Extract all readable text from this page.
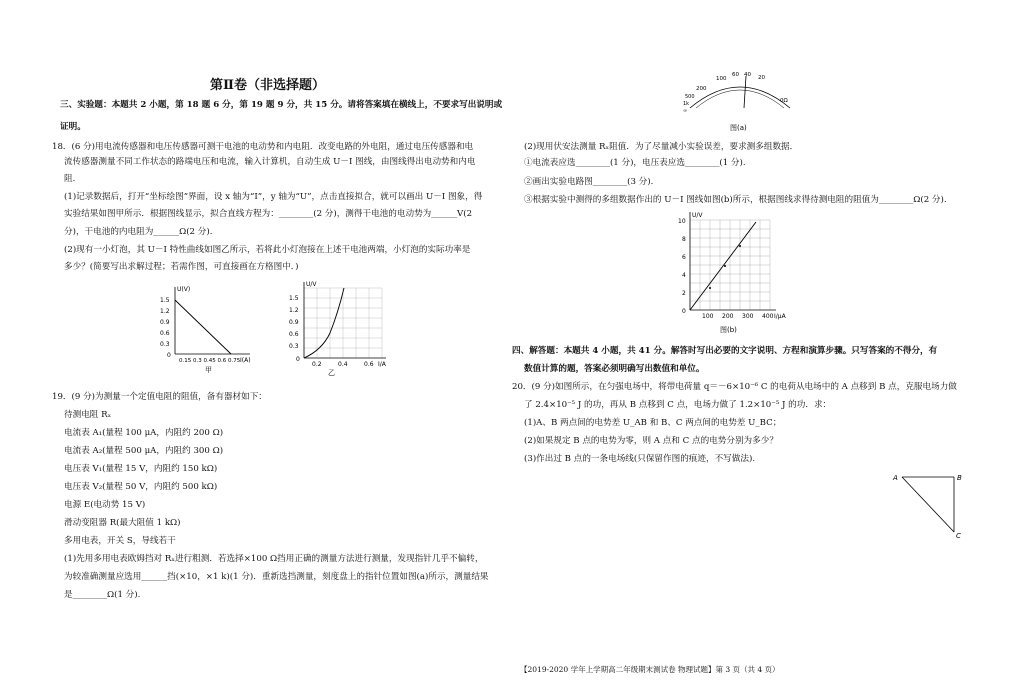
第Ⅱ卷（非选择题）
三、实验题：本题共 2 小题，第 18 题 6 分，第 19 题 9 分，共 15 分。请将答案填在横线上，不要求写出说明或
证明。
18．(6 分)用电流传感器和电压传感器可测干电池的电动势和内电阻．改变电路的外电阻，通过电压传感器和电
流传感器测量不同工作状态的路端电压和电流，输入计算机，自动生成 U－I 图线，由图线得出电动势和内电
阻．
(1)记录数据后，打开“坐标绘图”界面，设 x 轴为“I”，y 轴为“U”，点击直接拟合，就可以画出 U－I 图象，得
实验结果如图甲所示．根据图线显示，拟合直线方程为：________(2 分)，测得干电池的电动势为______V(2
分)，干电池的内电阻为______Ω(2 分).
(2)现有一小灯泡，其 U－I 特性曲线如图乙所示，若将此小灯泡接在上述干电池两端，小灯泡的实际功率是
多少？(简要写出求解过程；若需作图，可直接画在方格图中．)
19．(9 分)为测量一个定值电阻的阻值，备有器材如下：
待测电阻 Rₓ
电流表 A₁(量程 100 μA，内阻约 200 Ω)
电流表 A₂(量程 500 μA，内阻约 300 Ω)
电压表 V₁(量程 15 V，内阻约 150 kΩ)
电压表 V₂(量程 50 V，内阻约 500 kΩ)
电源 E(电动势 15 V)
滑动变阻器 R(最大阻值 1 kΩ)
多用电表，开关 S，导线若干
(1)先用多用电表欧姆挡对 Rₓ进行粗测．若选择×100 Ω挡用正确的测量方法进行测量，发现指针几乎不偏转，
为较准确测量应选用______挡(×10，×1 k)(1 分)．重新选挡测量，刻度盘上的指针位置如图(a)所示，测量结果
是________Ω(1 分).
U(V)
1.5
1.2
0.9
0.6
0.3
0
0.15 0.3 0.45 0.6 0.75 I(A)
甲
U/V
1.5
1.2
0.9
0.6
0.3
0
0.2	0.4	0.6 I/A
乙
200
100
60 40 20
500
1k
∞
0Ω
图(a)
(2)现用伏安法测量 Rₓ阻值．为了尽量减小实验误差，要求测多组数据．
①电流表应选________(1 分)，电压表应选________(1 分).
②画出实验电路图________(3 分).
③根据实验中测得的多组数据作出的 U－I 图线如图(b)所示，根据图线求得待测电阻的阻值为________Ω(2 分).
四、解答题：本题共 4 小题，共 41 分。解答时写出必要的文字说明、方程和演算步骤。只写答案的不得分，有
数值计算的题，答案必须明确写出数值和单位。
20．(9 分)如图所示，在匀强电场中，将带电荷量 q＝－6×10⁻⁶ C 的电荷从电场中的 A 点移到 B 点，克服电场力做
了 2.4×10⁻⁵ J 的功，再从 B 点移到 C 点，电场力做了 1.2×10⁻⁵ J 的功．求：
(1)A、B 两点间的电势差 U_AB 和 B、C 两点间的电势差 U_BC；
(2)如果规定 B 点的电势为零，则 A 点和 C 点的电势分别为多少？
(3)作出过 B 点的一条电场线(只保留作图的痕迹，不写做法).
U/V
10
8
6
4
2
0
100 200 300 400 I/μA
图(b)
A	B
C
【2019-2020 学年上学期高二年级期末测试卷 物理试题】第 3 页（共 4 页）
